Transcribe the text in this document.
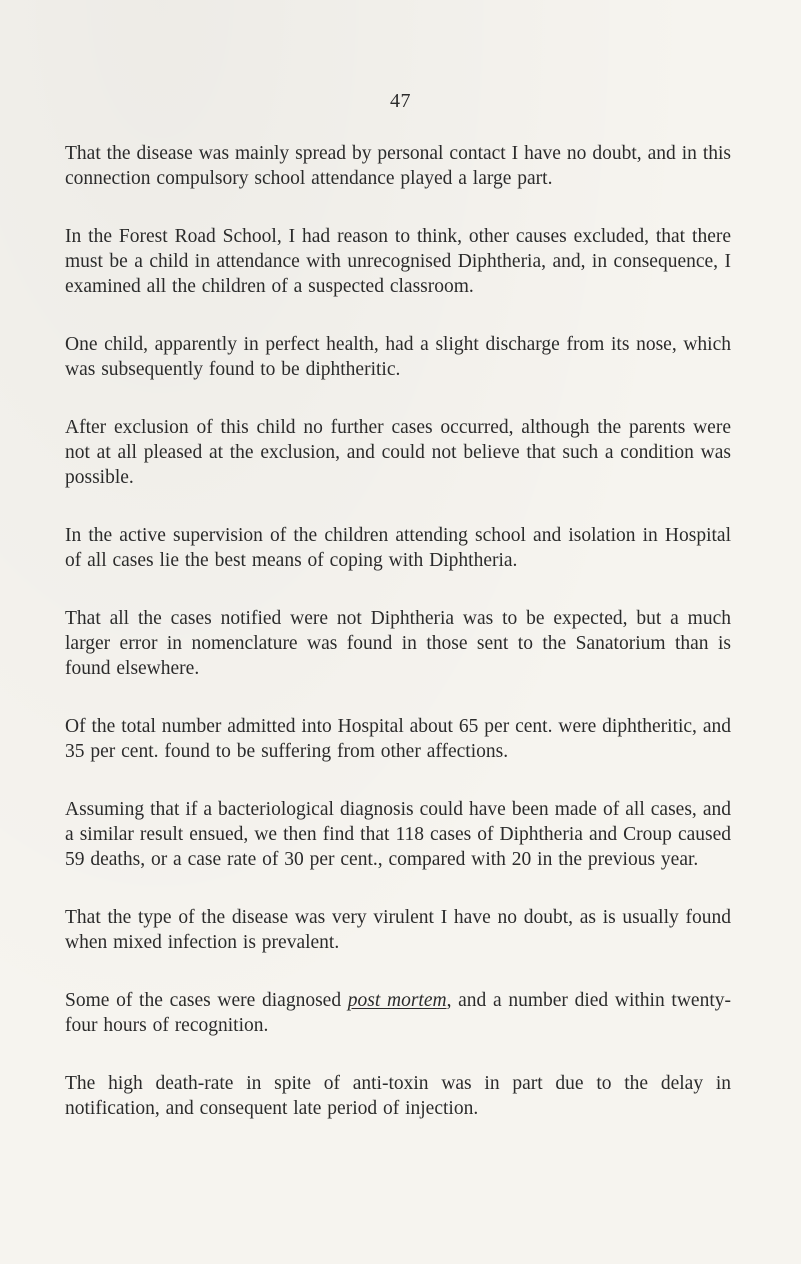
47

That the disease was mainly spread by personal contact I have no doubt, and in this connection compulsory school attendance played a large part.

In the Forest Road School, I had reason to think, other causes excluded, that there must be a child in attendance with unrecognised Diphtheria, and, in consequence, I examined all the children of a suspected classroom.

One child, apparently in perfect health, had a slight discharge from its nose, which was subsequently found to be diphtheritic.

After exclusion of this child no further cases occurred, although the parents were not at all pleased at the exclusion, and could not believe that such a condition was possible.

In the active supervision of the children attending school and isolation in Hospital of all cases lie the best means of coping with Diphtheria.

That all the cases notified were not Diphtheria was to be expected, but a much larger error in nomenclature was found in those sent to the Sanatorium than is found elsewhere.

Of the total number admitted into Hospital about 65 per cent. were diphtheritic, and 35 per cent. found to be suffering from other affections.

Assuming that if a bacteriological diagnosis could have been made of all cases, and a similar result ensued, we then find that 118 cases of Diphtheria and Croup caused 59 deaths, or a case rate of 30 per cent., compared with 20 in the previous year.

That the type of the disease was very virulent I have no doubt, as is usually found when mixed infection is prevalent.

Some of the cases were diagnosed post mortem, and a number died within twenty-four hours of recognition.

The high death-rate in spite of anti-toxin was in part due to the delay in notification, and consequent late period of injection.
